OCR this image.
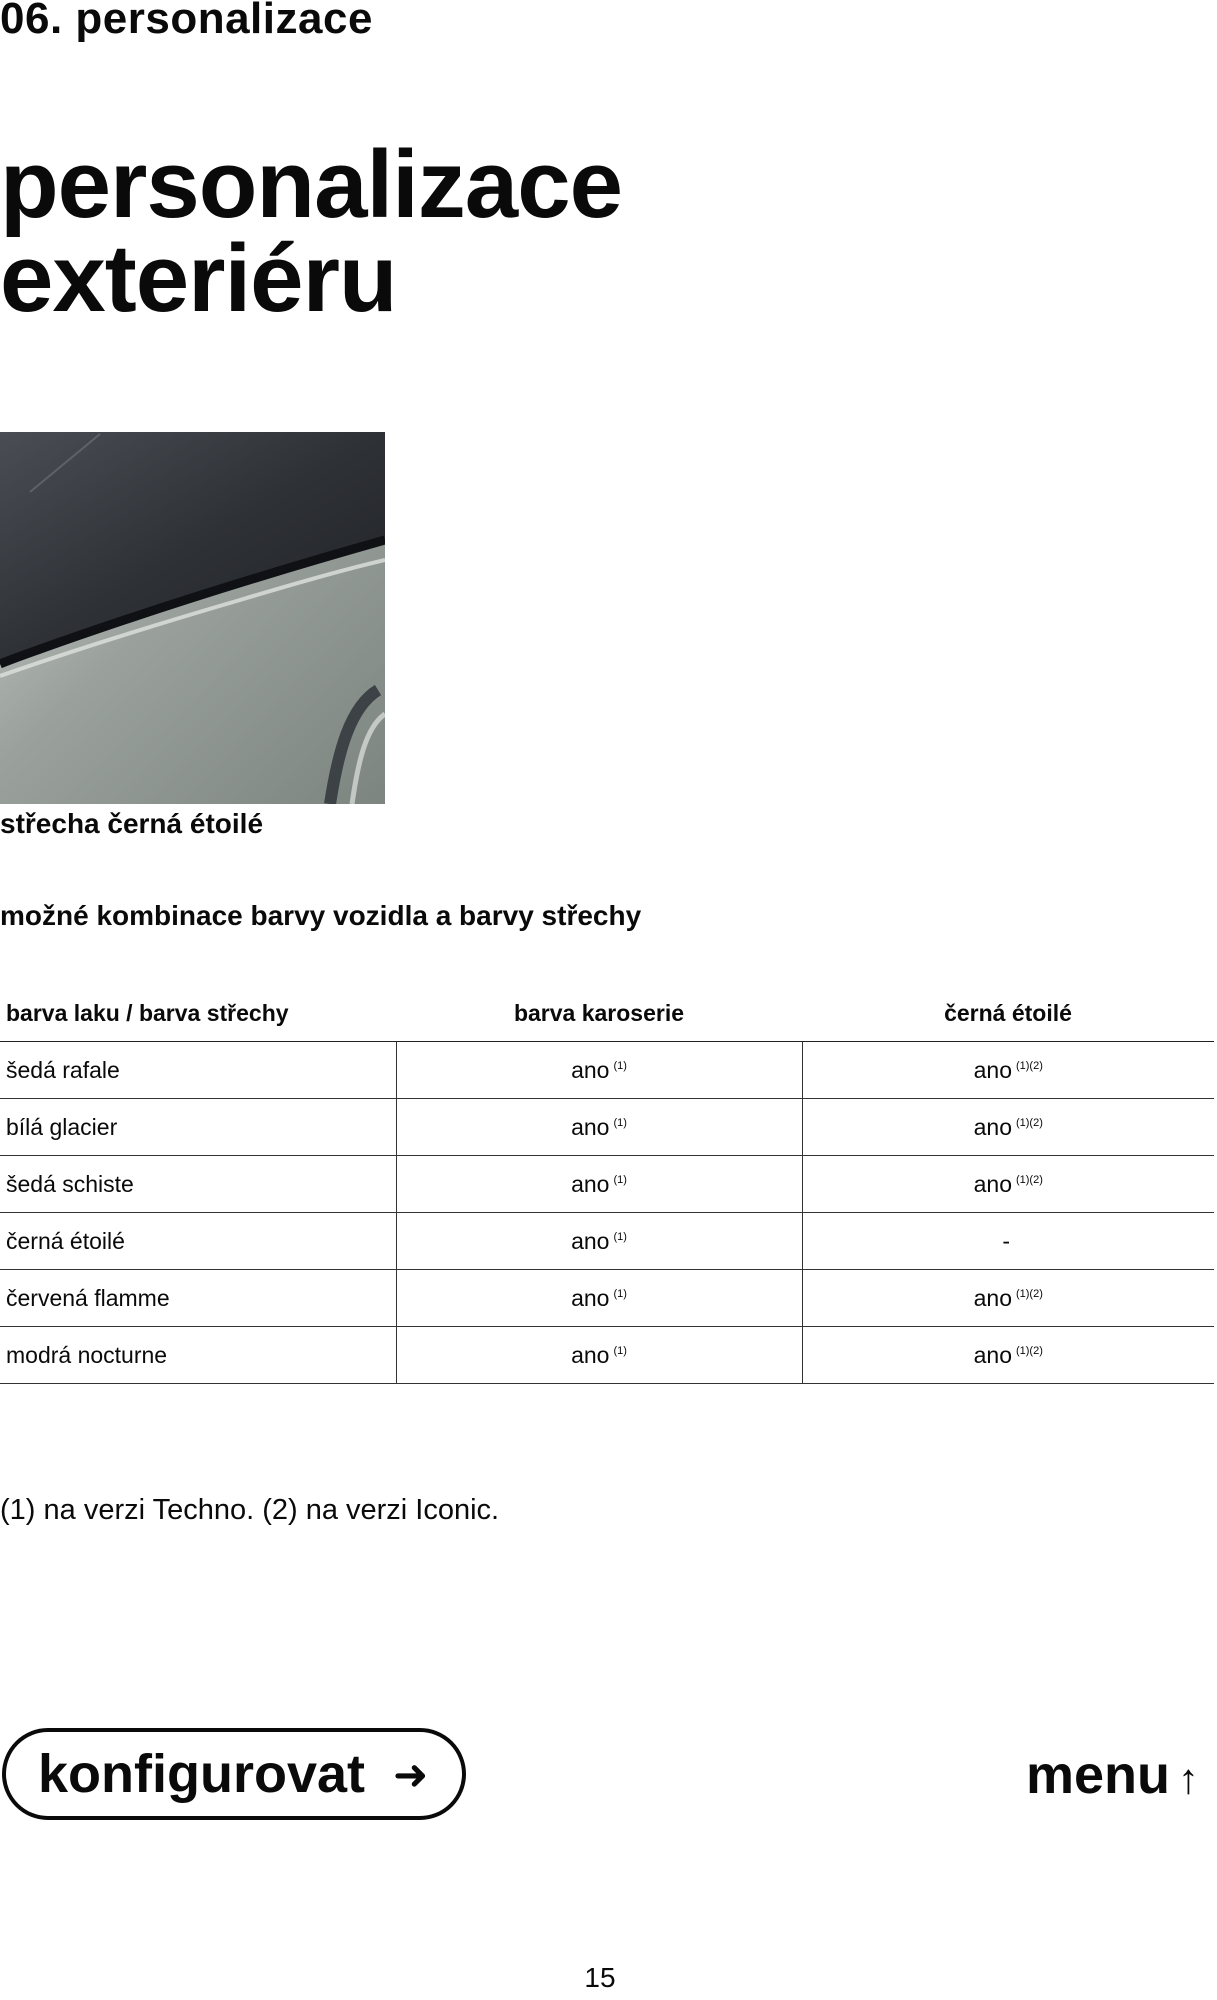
06. personalizace
personalizace
exteriéru

střecha černá étoilé

možné kombinace barvy vozidla a barvy střechy
barva laku / barva střechy	barva karoserie	černá étoilé
šedá rafale	ano $^{(1)}$	ano $^{(1)(2)}$
bílá glacier	ano $^{(1)}$	ano $^{(1)(2)}$
šedá schiste	ano $^{(1)}$	ano $^{(1)(2)}$
černá étoilé	ano $^{(1)}$	-
červená flamme	ano $^{(1)}$	ano $^{(1)(2)}$
modrá nocturne	ano $^{(1)}$	ano $^{(1)(2)}$

(1) na verzi Techno. (2) na verzi Iconic.

konfigurovat ➜	menu ↑

15
